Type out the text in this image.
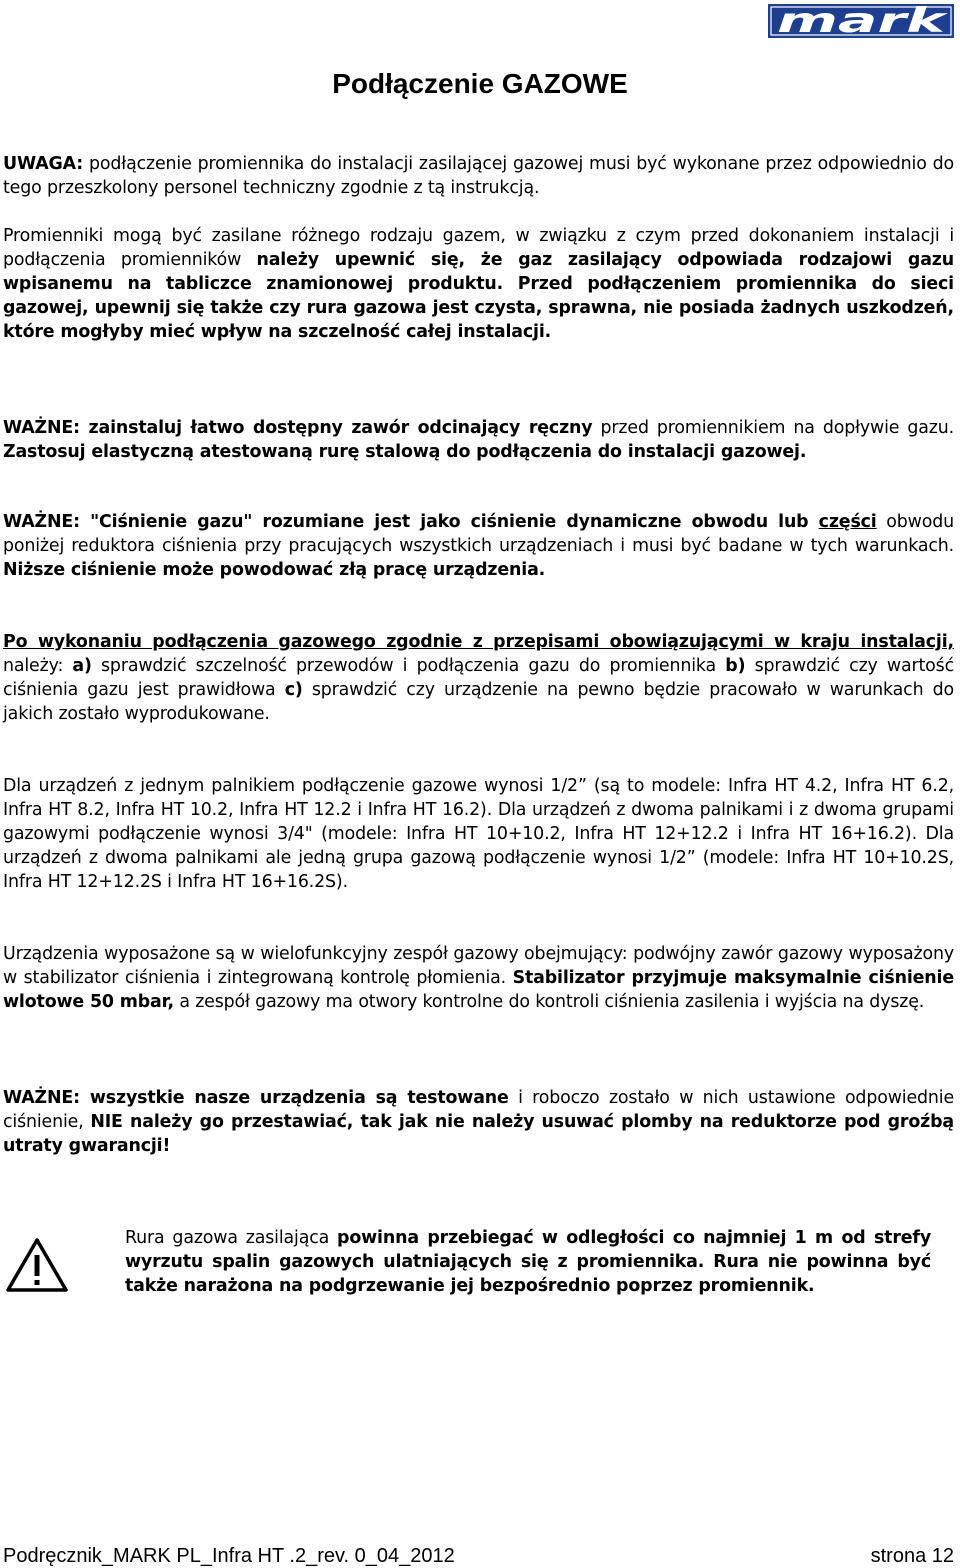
mark
Podłączenie GAZOWE

UWAGA: podłączenie promiennika do instalacji zasilającej gazowej musi być wykonane przez odpowiednio do tego przeszkolony personel techniczny zgodnie z tą instrukcją.

Promienniki mogą być zasilane różnego rodzaju gazem, w związku z czym przed dokonaniem instalacji i podłączenia promienników należy upewnić się, że gaz zasilający odpowiada rodzajowi gazu wpisanemu na tabliczce znamionowej produktu. Przed podłączeniem promiennika do sieci gazowej, upewnij się także czy rura gazowa jest czysta, sprawna, nie posiada żadnych uszkodzeń, które mogłyby mieć wpływ na szczelność całej instalacji.

WAŻNE: zainstaluj łatwo dostępny zawór odcinający ręczny przed promiennikiem na dopływie gazu. Zastosuj elastyczną atestowaną rurę stalową do podłączenia do instalacji gazowej.

WAŻNE: "Ciśnienie gazu" rozumiane jest jako ciśnienie dynamiczne obwodu lub części obwodu poniżej reduktora ciśnienia przy pracujących wszystkich urządzeniach i musi być badane w tych warunkach. Niższe ciśnienie może powodować złą pracę urządzenia.

Po wykonaniu podłączenia gazowego zgodnie z przepisami obowiązującymi w kraju instalacji, należy: a) sprawdzić szczelność przewodów i podłączenia gazu do promiennika b) sprawdzić czy wartość ciśnienia gazu jest prawidłowa c) sprawdzić czy urządzenie na pewno będzie pracowało w warunkach do jakich zostało wyprodukowane.

Dla urządzeń z jednym palnikiem podłączenie gazowe wynosi 1/2” (są to modele: Infra HT 4.2, Infra HT 6.2, Infra HT 8.2, Infra HT 10.2, Infra HT 12.2 i Infra HT 16.2). Dla urządzeń z dwoma palnikami i z dwoma grupami gazowymi podłączenie wynosi 3/4" (modele: Infra HT 10+10.2, Infra HT 12+12.2 i Infra HT 16+16.2). Dla urządzeń z dwoma palnikami ale jedną grupa gazową podłączenie wynosi 1/2” (modele: Infra HT 10+10.2S, Infra HT 12+12.2S i Infra HT 16+16.2S).

Urządzenia wyposażone są w wielofunkcyjny zespół gazowy obejmujący: podwójny zawór gazowy wyposażony w stabilizator ciśnienia i zintegrowaną kontrolę płomienia. Stabilizator przyjmuje maksymalnie ciśnienie wlotowe 50 mbar, a zespół gazowy ma otwory kontrolne do kontroli ciśnienia zasilenia i wyjścia na dyszę.

WAŻNE: wszystkie nasze urządzenia są testowane i roboczo zostało w nich ustawione odpowiednie ciśnienie, NIE należy go przestawiać, tak jak nie należy usuwać plomby na reduktorze pod groźbą utraty gwarancji!

Rura gazowa zasilająca powinna przebiegać w odległości co najmniej 1 m od strefy wyrzutu spalin gazowych ulatniających się z promiennika. Rura nie powinna być także narażona na podgrzewanie jej bezpośrednio poprzez promiennik.

Podręcznik_MARK PL_Infra HT .2_rev. 0_04_2012	strona 12
